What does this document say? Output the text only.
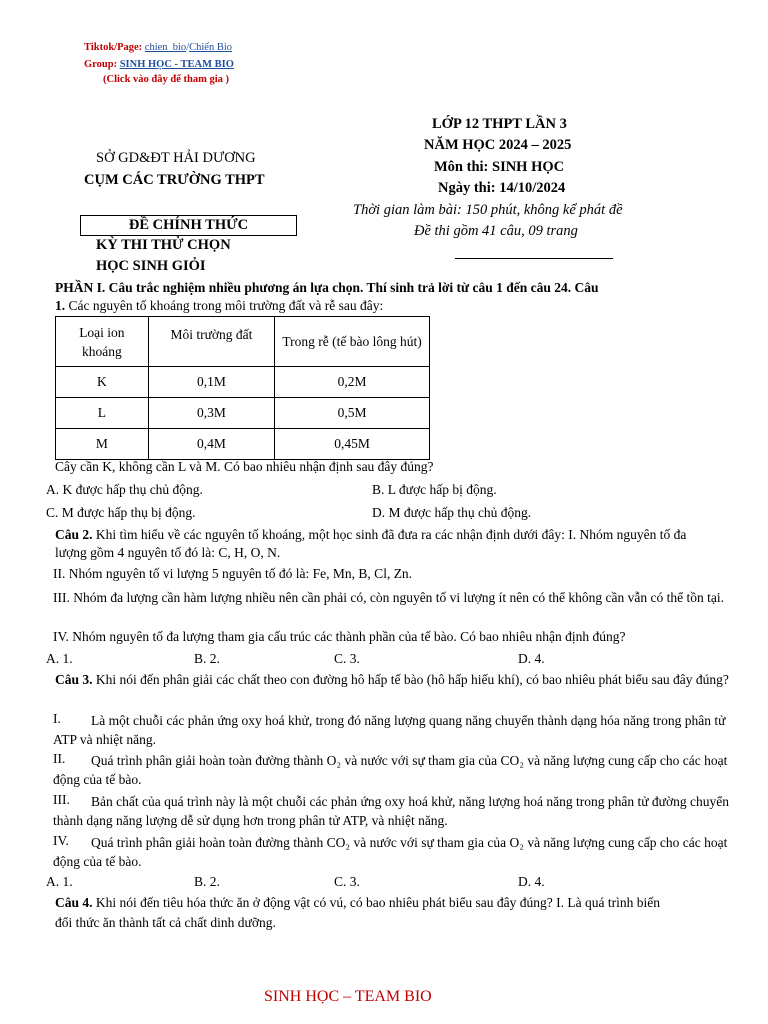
Tiktok/Page: chien_bio/Chiến Bio
Group: SINH HỌC - TEAM BIO
(Click vào đây để tham gia )
SỞ GD&ĐT HẢI DƯƠNG
CỤM CÁC TRƯỜNG THPT
ĐỀ CHÍNH THỨC
KỲ THI THỬ CHỌN
HỌC SINH GIỎI
LỚP 12 THPT LẦN 3
NĂM HỌC 2024 – 2025
Môn thi: SINH HỌC
Ngày thi: 14/10/2024
Thời gian làm bài: 150 phút, không kể phát đề
Đề thi gồm 41 câu, 09 trang
PHẦN I. Câu trắc nghiệm nhiều phương án lựa chọn. Thí sinh trả lời từ câu 1 đến câu 24. Câu
1. Các nguyên tố khoáng trong môi trường đất và rễ sau đây:
Loại ion khoáng	Môi trường đất	Trong rễ (tế bào lông hút)

K	0,1M	0,2M
L	0,3M	0,5M
M	0,4M	0,45M
Cây cần K, không cần L và M. Có bao nhiêu nhận định sau đây đúng?
A. K được hấp thụ chủ động.	B. L được hấp bị động.
C. M được hấp thụ bị động.	D. M được hấp thụ chủ động.
Câu 2. Khi tìm hiểu về các nguyên tố khoáng, một học sinh đã đưa ra các nhận định dưới đây: I. Nhóm nguyên tố đa lượng gồm 4 nguyên tố đó là: C, H, O, N.
II. Nhóm nguyên tố vi lượng 5 nguyên tố đó là: Fe, Mn, B, Cl, Zn.
III. Nhóm đa lượng cần hàm lượng nhiều nên cần phải có, còn nguyên tố vi lượng ít nên có thể không cần vẫn có thể tồn tại.
IV. Nhóm nguyên tố đa lượng tham gia cấu trúc các thành phần của tế bào. Có bao nhiêu nhận định đúng?
A. 1.	B. 2.	C. 3.	D. 4.
Câu 3. Khi nói đến phân giải các chất theo con đường hô hấp tế bào (hô hấp hiếu khí), có bao nhiêu phát biểu sau đây đúng?
I.	Là một chuỗi các phản ứng oxy hoá khử, trong đó năng lượng quang năng chuyển thành dạng hóa năng trong phân tử ATP và nhiệt năng.
II.	Quá trình phân giải hoàn toàn đường thành O₂ và nước với sự tham gia của CO₂ và năng lượng cung cấp cho các hoạt động của tế bào.
III.	Bản chất của quá trình này là một chuỗi các phản ứng oxy hoá khử, năng lượng hoá năng trong phân tử đường chuyển thành dạng năng lượng dễ sử dụng hơn trong phân tử ATP, và nhiệt năng.
IV.	Quá trình phân giải hoàn toàn đường thành CO₂ và nước với sự tham gia của O₂ và năng lượng cung cấp cho các hoạt động của tế bào.
A. 1.	B. 2.	C. 3.	D. 4.
Câu 4. Khi nói đến tiêu hóa thức ăn ở động vật có vú, có bao nhiêu phát biểu sau đây đúng? I. Là quá trình biến đổi thức ăn thành tất cả chất dinh dưỡng.
SINH HỌC – TEAM BIO
